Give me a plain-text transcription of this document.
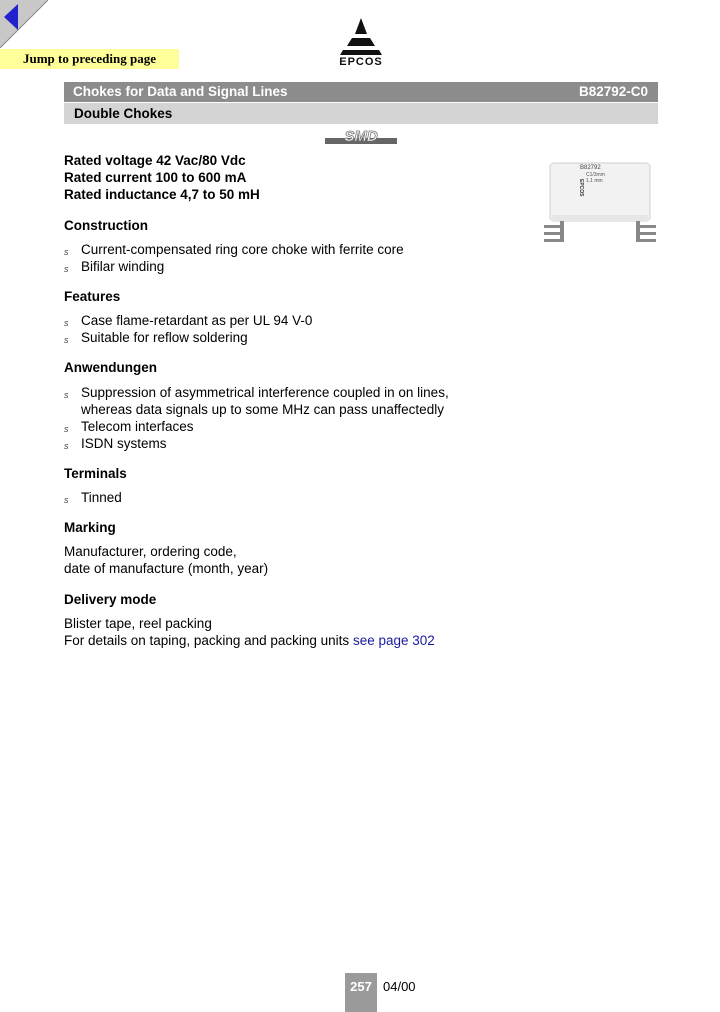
Jump to preceding page	EPCOS
Chokes for Data and Signal Lines	B82792-C0
Double Chokes
SMD
B82792
C1/3mm
1.1 mm
EPCOS
Rated voltage 42 Vac/80 Vdc
Rated current 100 to 600 mA
Rated inductance 4,7 to 50 mH
Construction
s Current-compensated ring core choke with ferrite core
s Bifilar winding
Features
s Case flame-retardant as per UL 94 V-0
s Suitable for reflow soldering
Anwendungen
s Suppression of asymmetrical interference coupled in on lines,
whereas data signals up to some MHz can pass unaffectedly
s Telecom interfaces
s ISDN systems
Terminals
s Tinned
Marking
Manufacturer, ordering code,
date of manufacture (month, year)
Delivery mode
Blister tape, reel packing
For details on taping, packing and packing units see page 302
257 04/00
